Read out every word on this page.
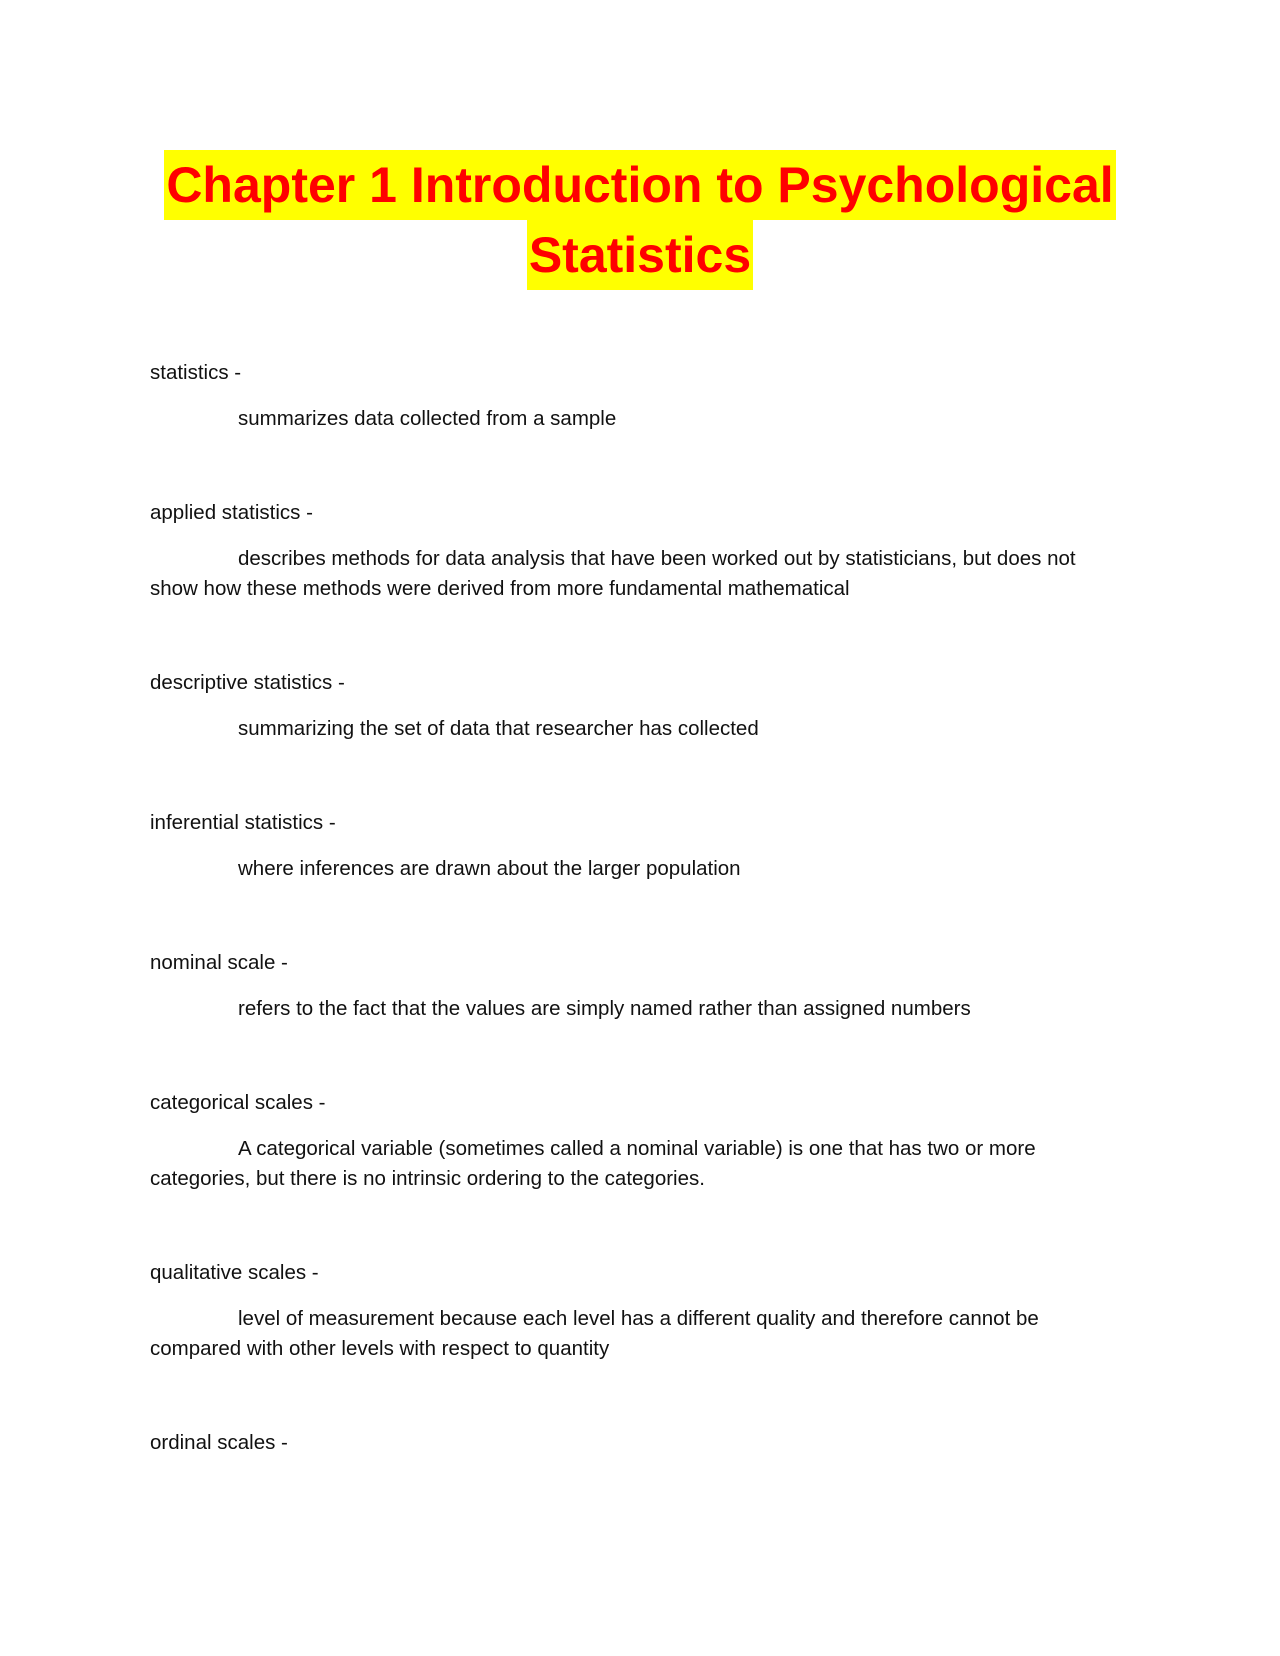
Chapter 1 Introduction to Psychological
Statistics

statistics -

summarizes data collected from a sample

applied statistics -

describes methods for data analysis that have been worked out by statisticians, but does not show how these methods were derived from more fundamental mathematical

descriptive statistics -

summarizing the set of data that researcher has collected

inferential statistics -

where inferences are drawn about the larger population

nominal scale -

refers to the fact that the values are simply named rather than assigned numbers

categorical scales -

A categorical variable (sometimes called a nominal variable) is one that has two or more categories, but there is no intrinsic ordering to the categories.

qualitative scales -

level of measurement because each level has a different quality and therefore cannot be compared with other levels with respect to quantity

ordinal scales -
